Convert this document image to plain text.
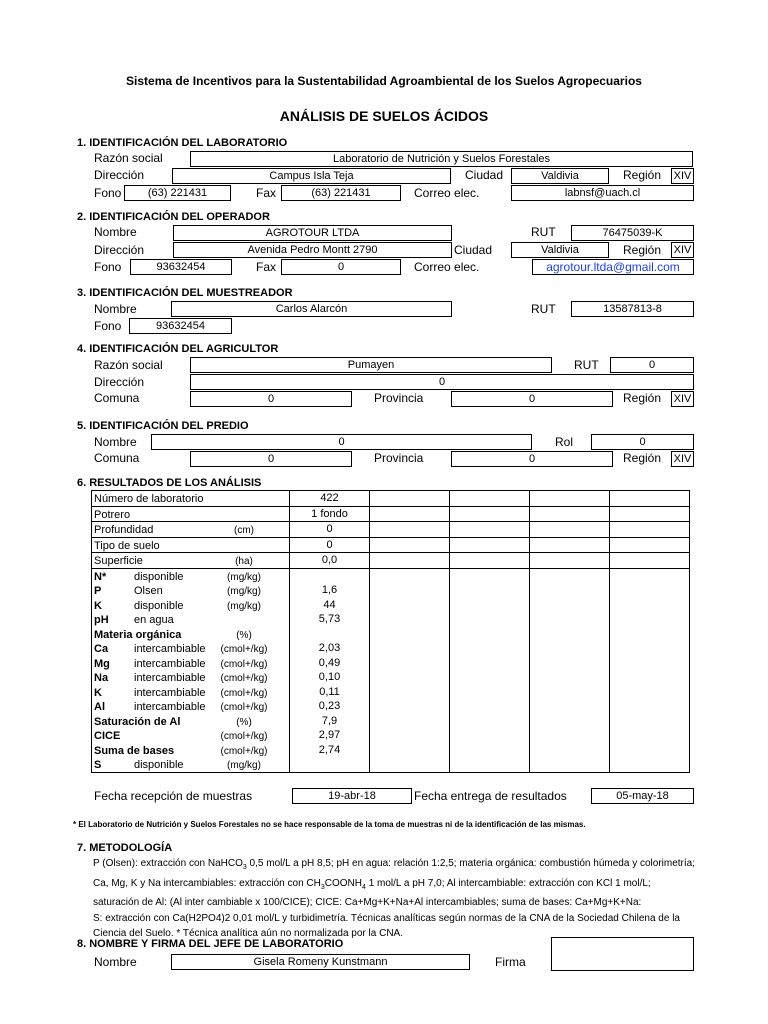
Sistema de Incentivos para la Sustentabilidad Agroambiental de los Suelos Agropecuarios
ANÁLISIS DE SUELOS ÁCIDOS
1. IDENTIFICACIÓN DEL LABORATORIO
Razón social	Laboratorio de Nutrición y Suelos Forestales
Dirección	Campus Isla Teja	Ciudad	Valdivia	Región XIV
Fono	(63) 221431	Fax	(63) 221431	Correo elec.	labnsf@uach.cl
2. IDENTIFICACIÓN DEL OPERADOR
Nombre	AGROTOUR LTDA	RUT	76475039-K
Dirección	Avenida Pedro Montt 2790	Ciudad	Valdivia	Región XIV
Fono	93632454	Fax	0	Correo elec.	agrotour.ltda@gmail.com
3. IDENTIFICACIÓN DEL MUESTREADOR
Nombre	Carlos Alarcón	RUT	13587813-8
Fono	93632454
4. IDENTIFICACIÓN DEL AGRICULTOR
Razón social	Pumayen	RUT	0
Dirección	0
Comuna	0	Provincia	0	Región XIV
5. IDENTIFICACIÓN DEL PREDIO
Nombre	0	Rol	0
Comuna	0	Provincia	0	Región XIV
6. RESULTADOS DE LOS ANÁLISIS
Número de laboratorio	422				

Potrero	1 fondo				

Profundidad (cm)	0				

Tipo de suelo	0				

Superficie (ha)	0,0				

N* disponible (mg/kg)					

P Olsen (mg/kg)	1,6				

K disponible (mg/kg)	44				

pH en agua	5,73				

Materia orgánica (%)					

Ca intercambiable (cmol+/kg)	2,03				

Mg intercambiable (cmol+/kg)	0,49				

Na intercambiable (cmol+/kg)	0,10				

K intercambiable (cmol+/kg)	0,11				

Al intercambiable (cmol+/kg)	0,23				

Saturación de Al (%)	7,9				

CICE (cmol+/kg)	2,97				

Suma de bases (cmol+/kg)	2,74				

S disponible (mg/kg)					

Fecha recepción de muestras	19-abr-18	Fecha entrega de resultados	05-may-18
* El Laboratorio de Nutrición y Suelos Forestales no se hace responsable de la toma de muestras ni de la identificación de las mismas.
7. METODOLOGÍA
P (Olsen): extracción con NaHCO$_3$ 0,5 mol/L a pH 8,5; pH en agua: relación 1:2,5; materia orgánica: combustión húmeda y colorimetría;
Ca, Mg, K y Na intercambiables: extracción con $CH_3COONH_4$ 1 mol/L a pH 7,0; Al intercambiable: extracción con KCl 1 mol/L;
saturación de Al: (Al inter cambiable x 100/CICE); CICE: Ca+Mg+K+Na+Al intercambiables; suma de bases: Ca+Mg+K+Na:
S: extracción con Ca(H2PO4)2 0,01 mol/L y turbidimetría. Técnicas analíticas según normas de la CNA de la Sociedad Chilena de la
Ciencia del Suelo. * Técnica analítica aún no normalizada por la CNA.
8. NOMBRE Y FIRMA DEL JEFE DE LABORATORIO
Nombre	Gisela Romeny Kunstmann	Firma
